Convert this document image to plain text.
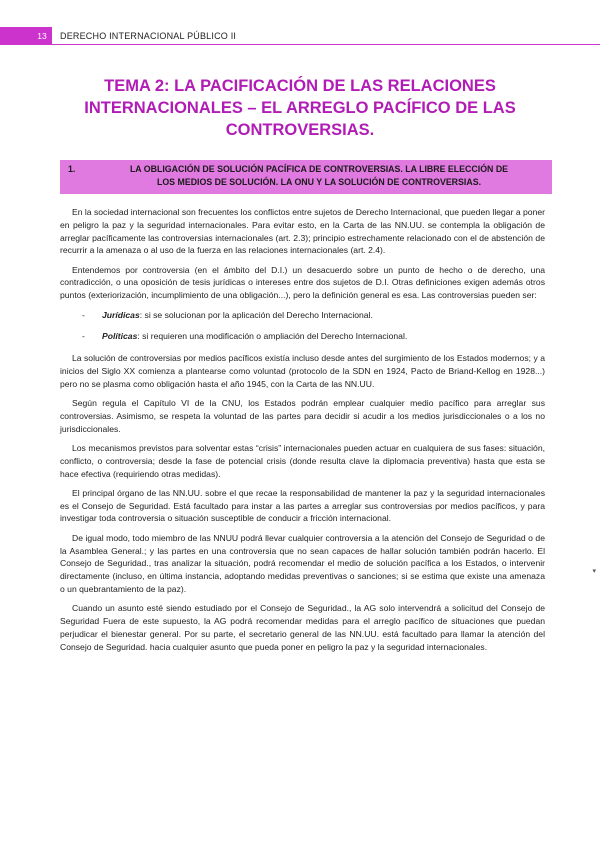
13	DERECHO INTERNACIONAL PÚBLICO II
TEMA 2: LA PACIFICACIÓN DE LAS RELACIONES
INTERNACIONALES – EL ARREGLO PACÍFICO DE LAS
CONTROVERSIAS.
1.	LA OBLIGACIÓN DE SOLUCIÓN PACÍFICA DE CONTROVERSIAS. LA LIBRE ELECCIÓN DE
LOS MEDIOS DE SOLUCIÓN. LA ONU Y LA SOLUCIÓN DE CONTROVERSIAS.

En la sociedad internacional son frecuentes los conflictos entre sujetos de Derecho Internacional, que pueden llegar a poner en peligro la paz y la seguridad internacionales. Para evitar esto, en la Carta de las NN.UU. se contempla la obligación de arreglar pacíficamente las controversias internacionales (art. 2.3); principio estrechamente relacionado con el de abstención de recurrir a la amenaza o al uso de la fuerza en las relaciones internacionales (art. 2.4).

Entendemos por controversia (en el ámbito del D.I.) un desacuerdo sobre un punto de hecho o de derecho, una contradicción, o una oposición de tesis jurídicas o intereses entre dos sujetos de D.I. Otras definiciones exigen además otros puntos (exteriorización, incumplimiento de una obligación...), pero la definición general es esa. Las controversias pueden ser:

- Jurídicas: si se solucionan por la aplicación del Derecho Internacional.
- Políticas: si requieren una modificación o ampliación del Derecho Internacional.

La solución de controversias por medios pacíficos existía incluso desde antes del surgimiento de los Estados modernos; y a inicios del Siglo XX comienza a plantearse como voluntad (protocolo de la SDN en 1924, Pacto de Briand-Kellog en 1928...) pero no se plasma como obligación hasta el año 1945, con la Carta de las NN.UU.

Según regula el Capítulo VI de la CNU, los Estados podrán emplear cualquier medio pacífico para arreglar sus controversias. Asimismo, se respeta la voluntad de las partes para decidir si acudir a los medios jurisdiccionales o a los no jurisdiccionales.

Los mecanismos previstos para solventar estas “crisis” internacionales pueden actuar en cualquiera de sus fases: situación, conflicto, o controversia; desde la fase de potencial crisis (donde resulta clave la diplomacia preventiva) hasta que esta se hace efectiva (requiriendo otras medidas).

El principal órgano de las NN.UU. sobre el que recae la responsabilidad de mantener la paz y la seguridad internacionales es el Consejo de Seguridad. Está facultado para instar a las partes a arreglar sus controversias por medios pacíficos, y para investigar toda controversia o situación susceptible de conducir a fricción internacional.

De igual modo, todo miembro de las NNUU podrá llevar cualquier controversia a la atención del Consejo de Seguridad o de la Asamblea General.; y las partes en una controversia que no sean capaces de hallar solución también podrán hacerlo. El Consejo de Seguridad., tras analizar la situación, podrá recomendar el medio de solución pacífica a los Estados, o intervenir directamente (incluso, en última instancia, adoptando medidas preventivas o sanciones; si se estima que existe una amenaza o un quebrantamiento de la paz).

Cuando un asunto esté siendo estudiado por el Consejo de Seguridad., la AG solo intervendrá a solicitud del Consejo de Seguridad Fuera de este supuesto, la AG podrá recomendar medidas para el arreglo pacífico de situaciones que puedan perjudicar el bienestar general. Por su parte, el secretario general de las NN.UU. está facultado para llamar la atención del Consejo de Seguridad. hacia cualquier asunto que pueda poner en peligro la paz y la seguridad internacionales.

▾
